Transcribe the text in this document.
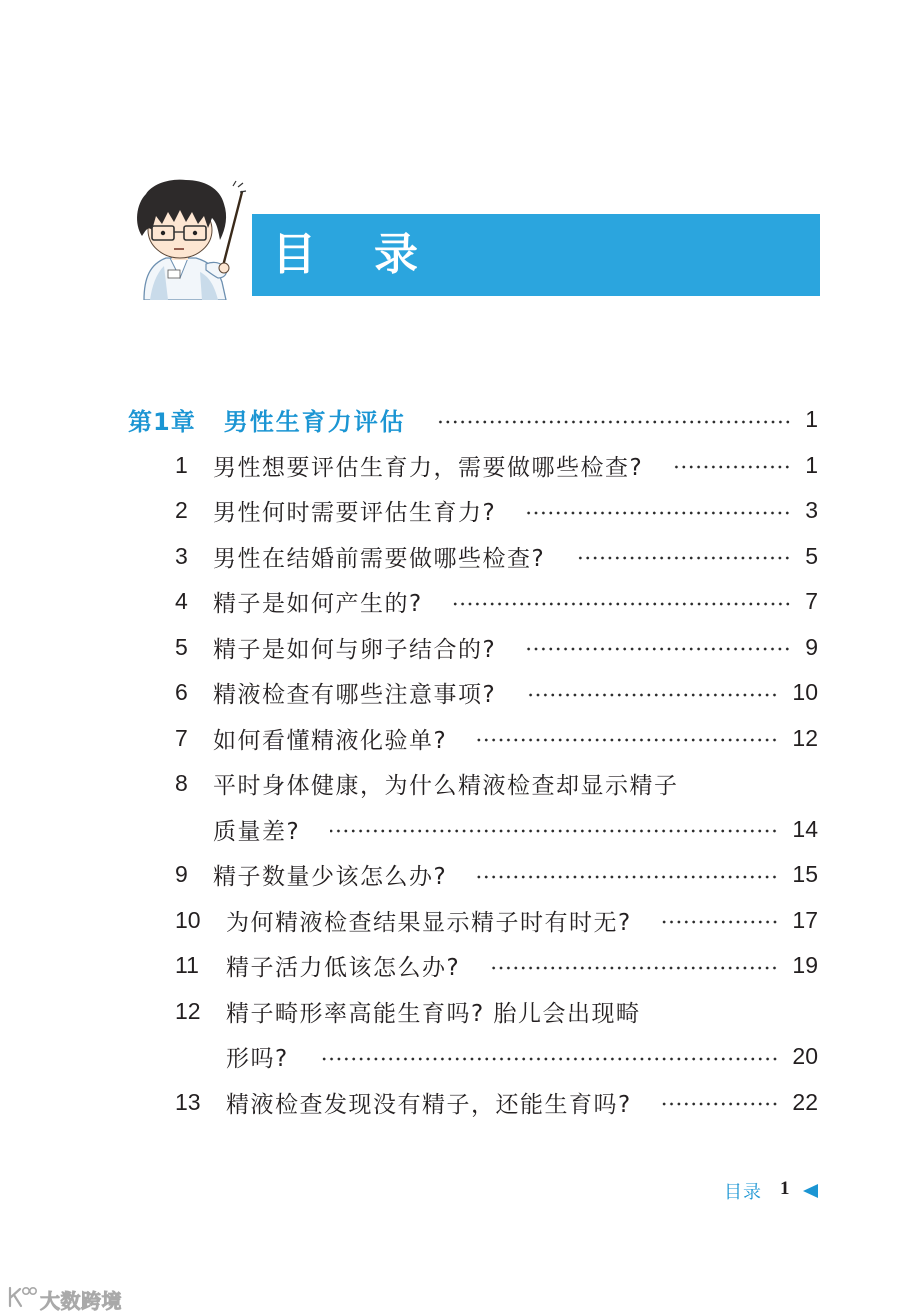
目录
第1章 男性生育力评估	1
1	男性想要评估生育力，需要做哪些检查?	1
2	男性何时需要评估生育力?	3
3	男性在结婚前需要做哪些检查?	5
4	精子是如何产生的?	7
5	精子是如何与卵子结合的?	9
6	精液检查有哪些注意事项?	10
7	如何看懂精液化验单?	12
8	平时身体健康，为什么精液检查却显示精子
质量差?	14
9	精子数量少该怎么办?	15
10	为何精液检查结果显示精子时有时无?	17
11	精子活力低该怎么办?	19
12	精子畸形率高能生育吗? 胎儿会出现畸
形吗?	20
13	精液检查发现没有精子，还能生育吗?	22
目录 1
大数跨境
